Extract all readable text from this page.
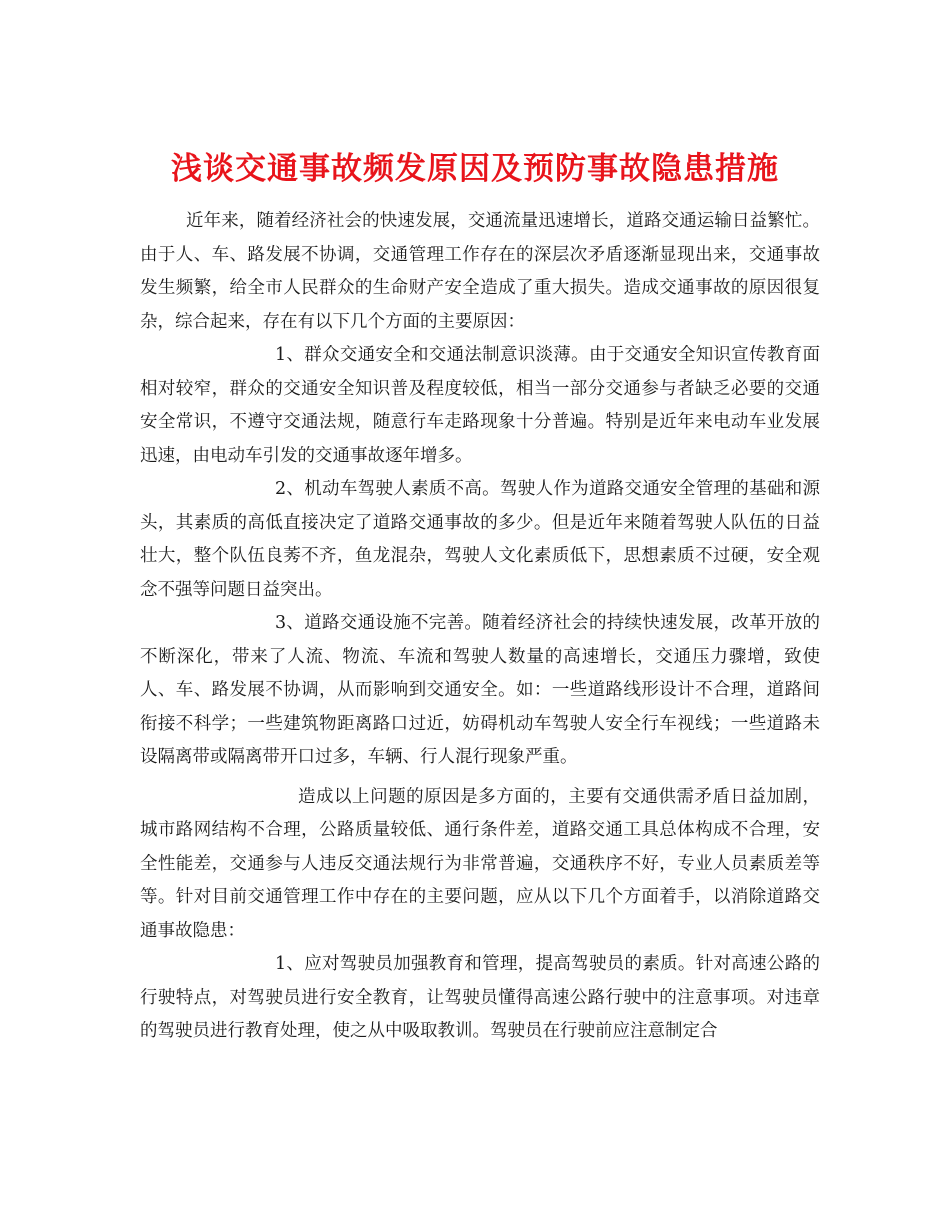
浅谈交通事故频发原因及预防事故隐患措施

近年来，随着经济社会的快速发展，交通流量迅速增长，道路交通运输日益繁忙。由于人、车、路发展不协调，交通管理工作存在的深层次矛盾逐渐显现出来，交通事故发生频繁，给全市人民群众的生命财产安全造成了重大损失。造成交通事故的原因很复杂，综合起来，存在有以下几个方面的主要原因：

1、群众交通安全和交通法制意识淡薄。由于交通安全知识宣传教育面相对较窄，群众的交通安全知识普及程度较低，相当一部分交通参与者缺乏必要的交通安全常识，不遵守交通法规，随意行车走路现象十分普遍。特别是近年来电动车业发展迅速，由电动车引发的交通事故逐年增多。

2、机动车驾驶人素质不高。驾驶人作为道路交通安全管理的基础和源头，其素质的高低直接决定了道路交通事故的多少。但是近年来随着驾驶人队伍的日益壮大，整个队伍良莠不齐，鱼龙混杂，驾驶人文化素质低下，思想素质不过硬，安全观念不强等问题日益突出。

3、道路交通设施不完善。随着经济社会的持续快速发展，改革开放的不断深化，带来了人流、物流、车流和驾驶人数量的高速增长，交通压力骤增，致使人、车、路发展不协调，从而影响到交通安全。如：一些道路线形设计不合理，道路间衔接不科学；一些建筑物距离路口过近，妨碍机动车驾驶人安全行车视线；一些道路未设隔离带或隔离带开口过多，车辆、行人混行现象严重。

造成以上问题的原因是多方面的，主要有交通供需矛盾日益加剧，城市路网结构不合理，公路质量较低、通行条件差，道路交通工具总体构成不合理，安全性能差，交通参与人违反交通法规行为非常普遍，交通秩序不好，专业人员素质差等等。针对目前交通管理工作中存在的主要问题，应从以下几个方面着手，以消除道路交通事故隐患：

1、应对驾驶员加强教育和管理，提高驾驶员的素质。针对高速公路的行驶特点，对驾驶员进行安全教育，让驾驶员懂得高速公路行驶中的注意事项。对违章的驾驶员进行教育处理，使之从中吸取教训。驾驶员在行驶前应注意制定合
